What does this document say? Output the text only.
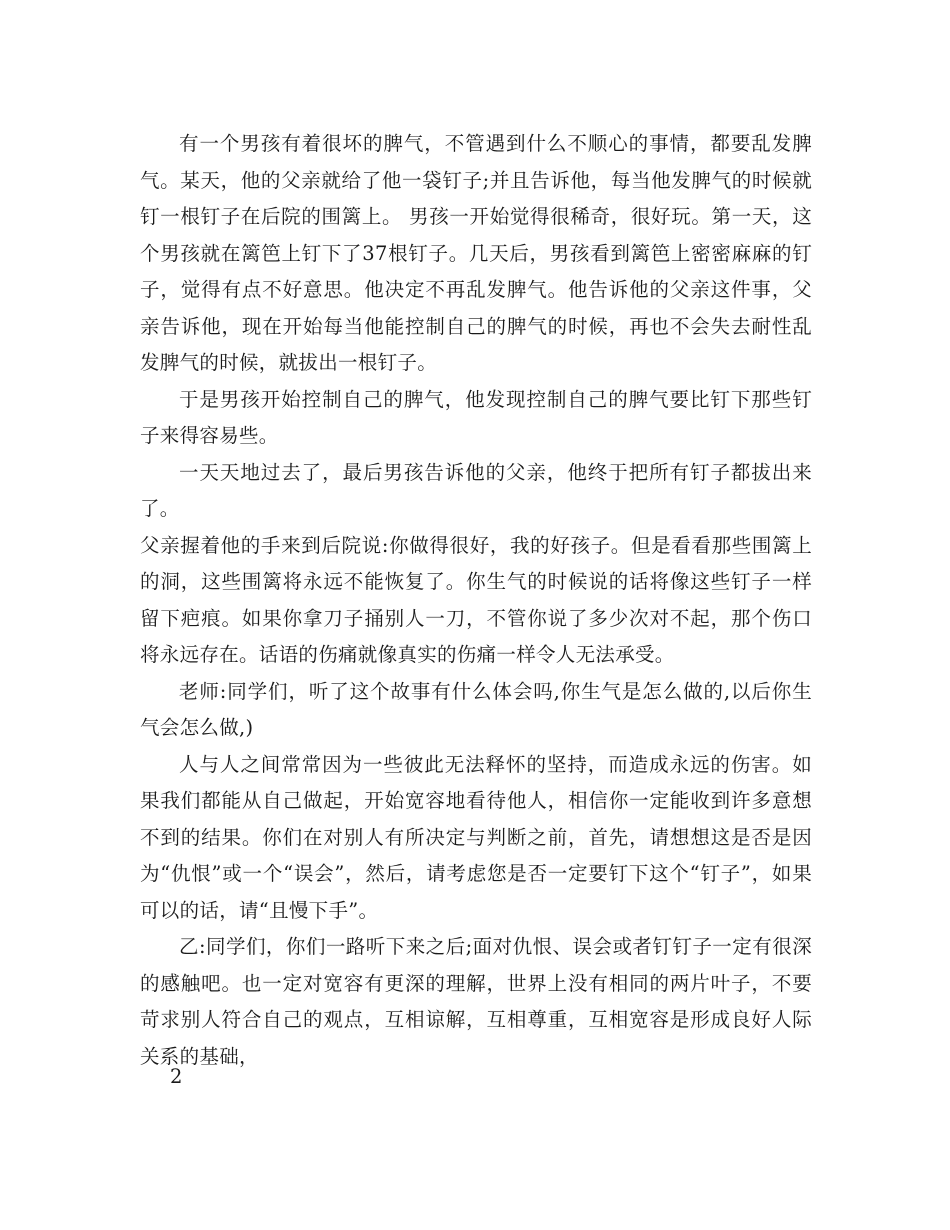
有一个男孩有着很坏的脾气，不管遇到什么不顺心的事情，都要乱发脾气。某天，他的父亲就给了他一袋钉子;并且告诉他，每当他发脾气的时候就钉一根钉子在后院的围篱上。 男孩一开始觉得很稀奇，很好玩。第一天，这个男孩就在篱笆上钉下了37根钉子。几天后，男孩看到篱笆上密密麻麻的钉子，觉得有点不好意思。他决定不再乱发脾气。他告诉他的父亲这件事，父亲告诉他，现在开始每当他能控制自己的脾气的时候，再也不会失去耐性乱发脾气的时候，就拔出一根钉子。

于是男孩开始控制自己的脾气，他发现控制自己的脾气要比钉下那些钉子来得容易些。

一天天地过去了，最后男孩告诉他的父亲，他终于把所有钉子都拔出来了。

父亲握着他的手来到后院说:你做得很好，我的好孩子。但是看看那些围篱上的洞，这些围篱将永远不能恢复了。你生气的时候说的话将像这些钉子一样留下疤痕。如果你拿刀子捅别人一刀，不管你说了多少次对不起，那个伤口将永远存在。话语的伤痛就像真实的伤痛一样令人无法承受。

老师:同学们，听了这个故事有什么体会吗,你生气是怎么做的,以后你生气会怎么做,)

人与人之间常常因为一些彼此无法释怀的坚持，而造成永远的伤害。如果我们都能从自己做起，开始宽容地看待他人，相信你一定能收到许多意想不到的结果。你们在对别人有所决定与判断之前，首先，请想想这是否是因为“仇恨”或一个“误会”，然后，请考虑您是否一定要钉下这个“钉子”，如果可以的话，请“且慢下手”。

乙:同学们，你们一路听下来之后;面对仇恨、误会或者钉钉子一定有很深的感触吧。也一定对宽容有更深的理解，世界上没有相同的两片叶子，不要苛求别人符合自己的观点，互相谅解，互相尊重，互相宽容是形成良好人际关系的基础，

2
